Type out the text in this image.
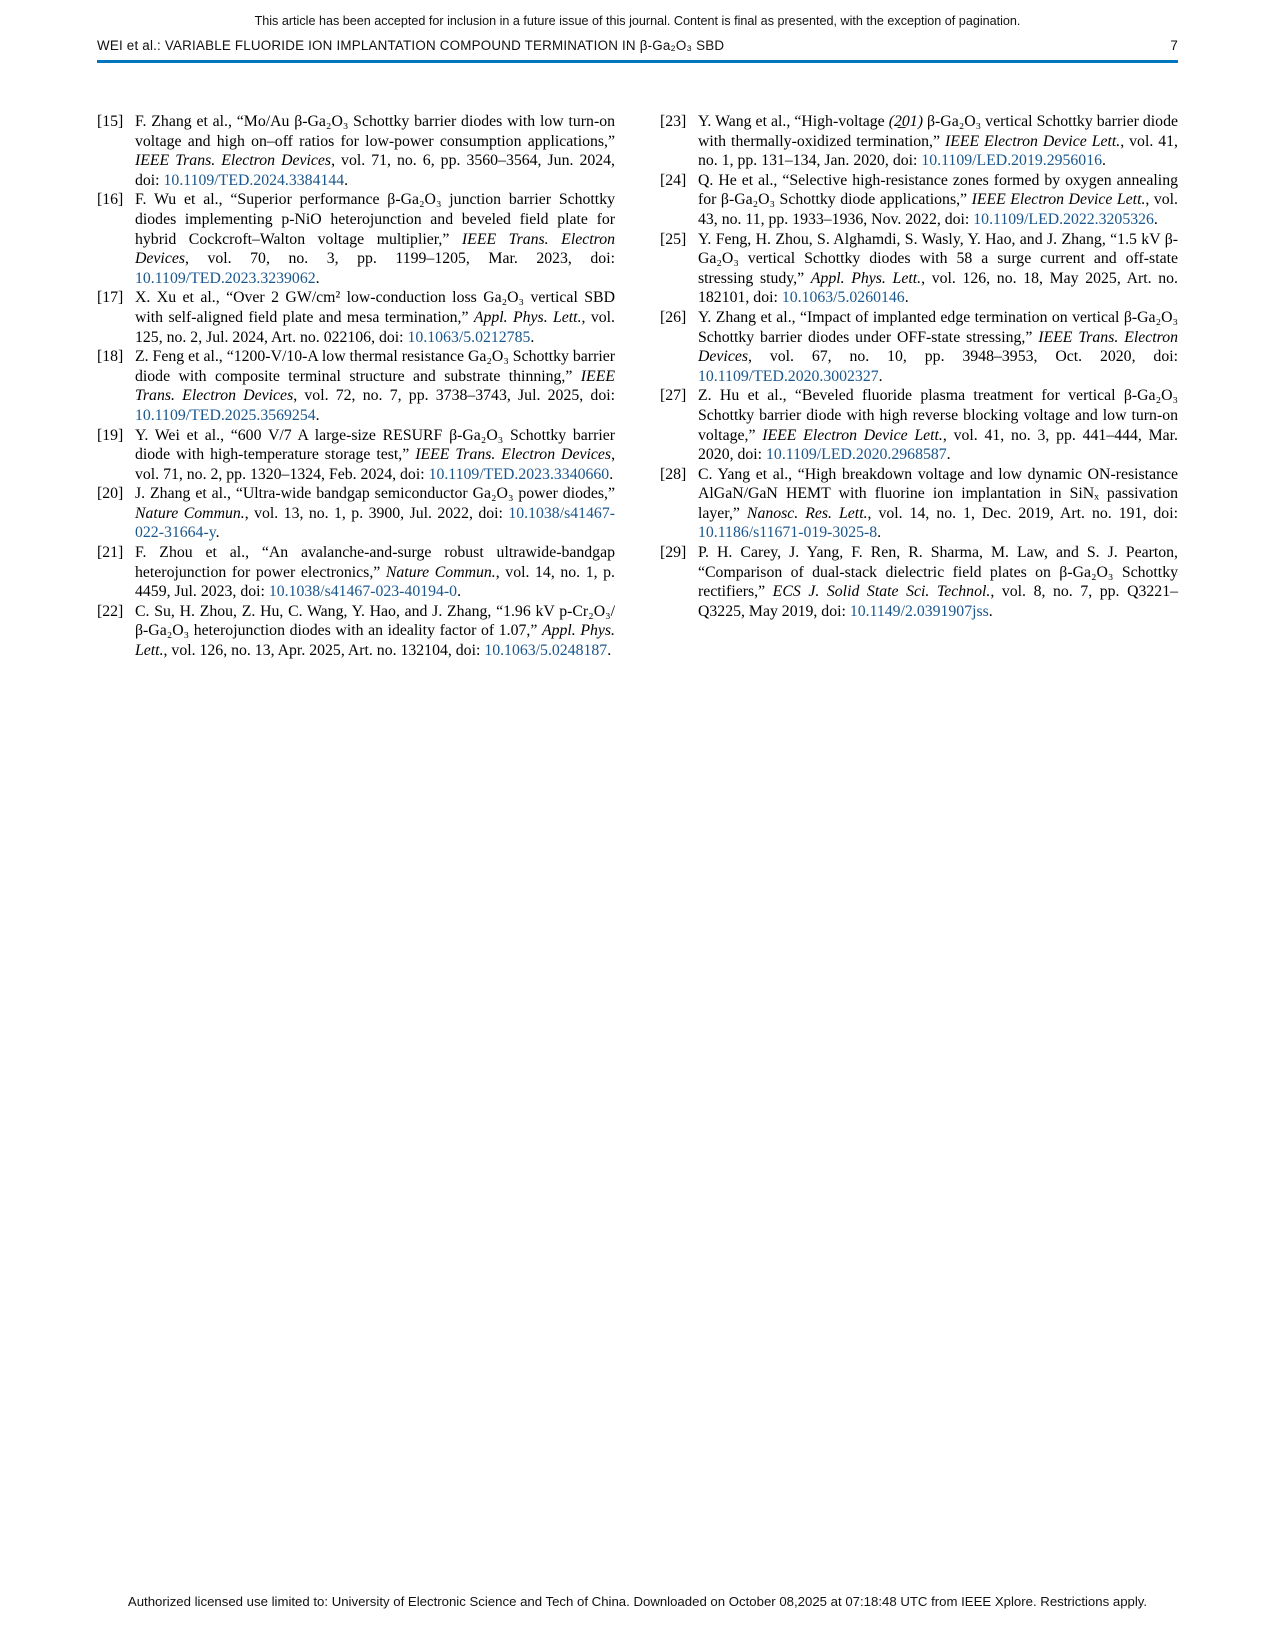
This article has been accepted for inclusion in a future issue of this journal. Content is final as presented, with the exception of pagination.
WEI et al.: VARIABLE FLUORIDE ION IMPLANTATION COMPOUND TERMINATION IN β-Ga₂O₃ SBD	7
[15] F. Zhang et al., “Mo/Au β-Ga₂O₃ Schottky barrier diodes with low turn-on voltage and high on–off ratios for low-power consumption applications,” IEEE Trans. Electron Devices, vol. 71, no. 6, pp. 3560–3564, Jun. 2024, doi: 10.1109/TED.2024.3384144.
[16] F. Wu et al., “Superior performance β-Ga₂O₃ junction barrier Schottky diodes implementing p-NiO heterojunction and beveled field plate for hybrid Cockcroft–Walton voltage multiplier,” IEEE Trans. Electron Devices, vol. 70, no. 3, pp. 1199–1205, Mar. 2023, doi: 10.1109/TED.2023.3239062.
[17] X. Xu et al., “Over 2 GW/cm² low-conduction loss Ga₂O₃ vertical SBD with self-aligned field plate and mesa termination,” Appl. Phys. Lett., vol. 125, no. 2, Jul. 2024, Art. no. 022106, doi: 10.1063/5.0212785.
[18] Z. Feng et al., “1200-V/10-A low thermal resistance Ga₂O₃ Schottky barrier diode with composite terminal structure and substrate thinning,” IEEE Trans. Electron Devices, vol. 72, no. 7, pp. 3738–3743, Jul. 2025, doi: 10.1109/TED.2025.3569254.
[19] Y. Wei et al., “600 V/7 A large-size RESURF β-Ga₂O₃ Schottky barrier diode with high-temperature storage test,” IEEE Trans. Electron Devices, vol. 71, no. 2, pp. 1320–1324, Feb. 2024, doi: 10.1109/TED.2023.3340660.
[20] J. Zhang et al., “Ultra-wide bandgap semiconductor Ga₂O₃ power diodes,” Nature Commun., vol. 13, no. 1, p. 3900, Jul. 2022, doi: 10.1038/s41467-022-31664-y.
[21] F. Zhou et al., “An avalanche-and-surge robust ultrawide-bandgap heterojunction for power electronics,” Nature Commun., vol. 14, no. 1, p. 4459, Jul. 2023, doi: 10.1038/s41467-023-40194-0.
[22] C. Su, H. Zhou, Z. Hu, C. Wang, Y. Hao, and J. Zhang, “1.96 kV p-Cr₂O₃/β-Ga₂O₃ heterojunction diodes with an ideality factor of 1.07,” Appl. Phys. Lett., vol. 126, no. 13, Apr. 2025, Art. no. 132104, doi: 10.1063/5.0248187.
[23] Y. Wang et al., “High-voltage (2̲01) β-Ga₂O₃ vertical Schottky barrier diode with thermally-oxidized termination,” IEEE Electron Device Lett., vol. 41, no. 1, pp. 131–134, Jan. 2020, doi: 10.1109/LED.2019.2956016.
[24] Q. He et al., “Selective high-resistance zones formed by oxygen annealing for β-Ga₂O₃ Schottky diode applications,” IEEE Electron Device Lett., vol. 43, no. 11, pp. 1933–1936, Nov. 2022, doi: 10.1109/LED.2022.3205326.
[25] Y. Feng, H. Zhou, S. Alghamdi, S. Wasly, Y. Hao, and J. Zhang, “1.5 kV β-Ga₂O₃ vertical Schottky diodes with 58 a surge current and off-state stressing study,” Appl. Phys. Lett., vol. 126, no. 18, May 2025, Art. no. 182101, doi: 10.1063/5.0260146.
[26] Y. Zhang et al., “Impact of implanted edge termination on vertical β-Ga₂O₃ Schottky barrier diodes under OFF-state stressing,” IEEE Trans. Electron Devices, vol. 67, no. 10, pp. 3948–3953, Oct. 2020, doi: 10.1109/TED.2020.3002327.
[27] Z. Hu et al., “Beveled fluoride plasma treatment for vertical β-Ga₂O₃ Schottky barrier diode with high reverse blocking voltage and low turn-on voltage,” IEEE Electron Device Lett., vol. 41, no. 3, pp. 441–444, Mar. 2020, doi: 10.1109/LED.2020.2968587.
[28] C. Yang et al., “High breakdown voltage and low dynamic ON-resistance AlGaN/GaN HEMT with fluorine ion implantation in SiNₓ passivation layer,” Nanosc. Res. Lett., vol. 14, no. 1, Dec. 2019, Art. no. 191, doi: 10.1186/s11671-019-3025-8.
[29] P. H. Carey, J. Yang, F. Ren, R. Sharma, M. Law, and S. J. Pearton, “Comparison of dual-stack dielectric field plates on β-Ga₂O₃ Schottky rectifiers,” ECS J. Solid State Sci. Technol., vol. 8, no. 7, pp. Q3221–Q3225, May 2019, doi: 10.1149/2.0391907jss.
Authorized licensed use limited to: University of Electronic Science and Tech of China. Downloaded on October 08,2025 at 07:18:48 UTC from IEEE Xplore. Restrictions apply.
